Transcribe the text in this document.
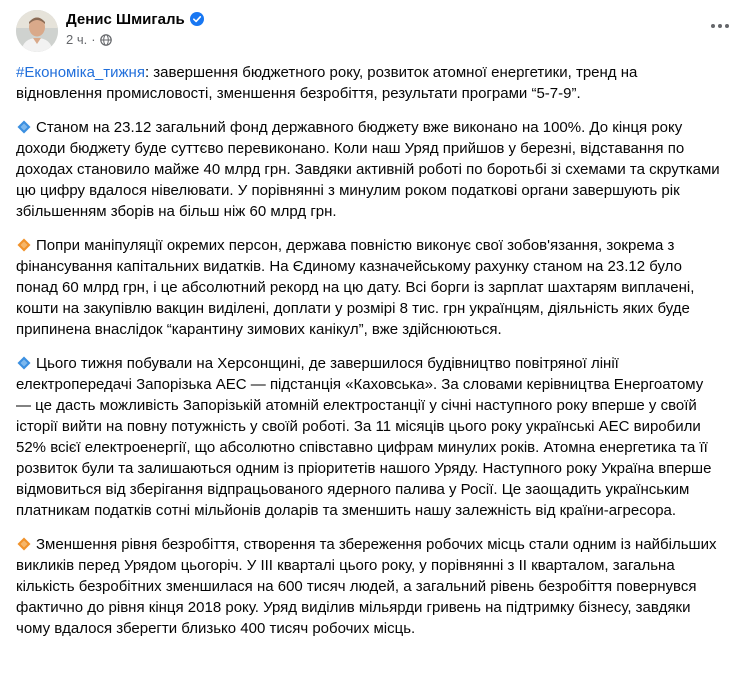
Денис Шмигаль
2 ч. ·

#Економіка_тижня: завершення бюджетного року, розвиток атомної енергетики, тренд на відновлення промисловості, зменшення безробіття, результати програми “5-7-9”.

Станом на 23.12 загальний фонд державного бюджету вже виконано на 100%. До кінця року доходи бюджету буде суттєво перевиконано. Коли наш Уряд прийшов у березні, відставання по доходах становило майже 40 млрд грн. Завдяки активній роботі по боротьбі зі схемами та скрутками цю цифру вдалося нівелювати. У порівнянні з минулим роком податкові органи завершують рік збільшенням зборів на більш ніж 60 млрд грн.

Попри маніпуляції окремих персон, держава повністю виконує свої зобов'язання, зокрема з фінансування капітальних видатків. На Єдиному казначейському рахунку станом на 23.12 було понад 60 млрд грн, і це абсолютний рекорд на цю дату. Всі борги із зарплат шахтарям виплачені, кошти на закупівлю вакцин виділені, доплати у розмірі 8 тис. грн українцям, діяльність яких буде припинена внаслідок “карантину зимових канікул”, вже здійснюються.

Цього тижня побували на Херсонщині, де завершилося будівництво повітряної лінії електропередачі Запорізька АЕС — підстанція «Каховська». За словами керівництва Енергоатому — це дасть можливість Запорізькій атомній електростанції у січні наступного року вперше у своїй історії вийти на повну потужність у своїй роботі. За 11 місяців цього року українські АЕС виробили 52% всієї електроенергії, що абсолютно співставно цифрам минулих років. Атомна енергетика та її розвиток були та залишаються одним із пріоритетів нашого Уряду. Наступного року Україна вперше відмовиться від зберігання відпрацьованого ядерного палива у Росії. Це заощадить українським платникам податків сотні мільйонів доларів та зменшить нашу залежність від країни-агресора.

Зменшення рівня безробіття, створення та збереження робочих місць стали одним із найбільших викликів перед Урядом цьогоріч. У III кварталі цього року, у порівнянні з II кварталом, загальна кількість безробітних зменшилася на 600 тисяч людей, а загальний рівень безробіття повернувся фактично до рівня кінця 2018 року. Уряд виділив мільярди гривень на підтримку бізнесу, завдяки чому вдалося зберегти близько 400 тисяч робочих місць.
